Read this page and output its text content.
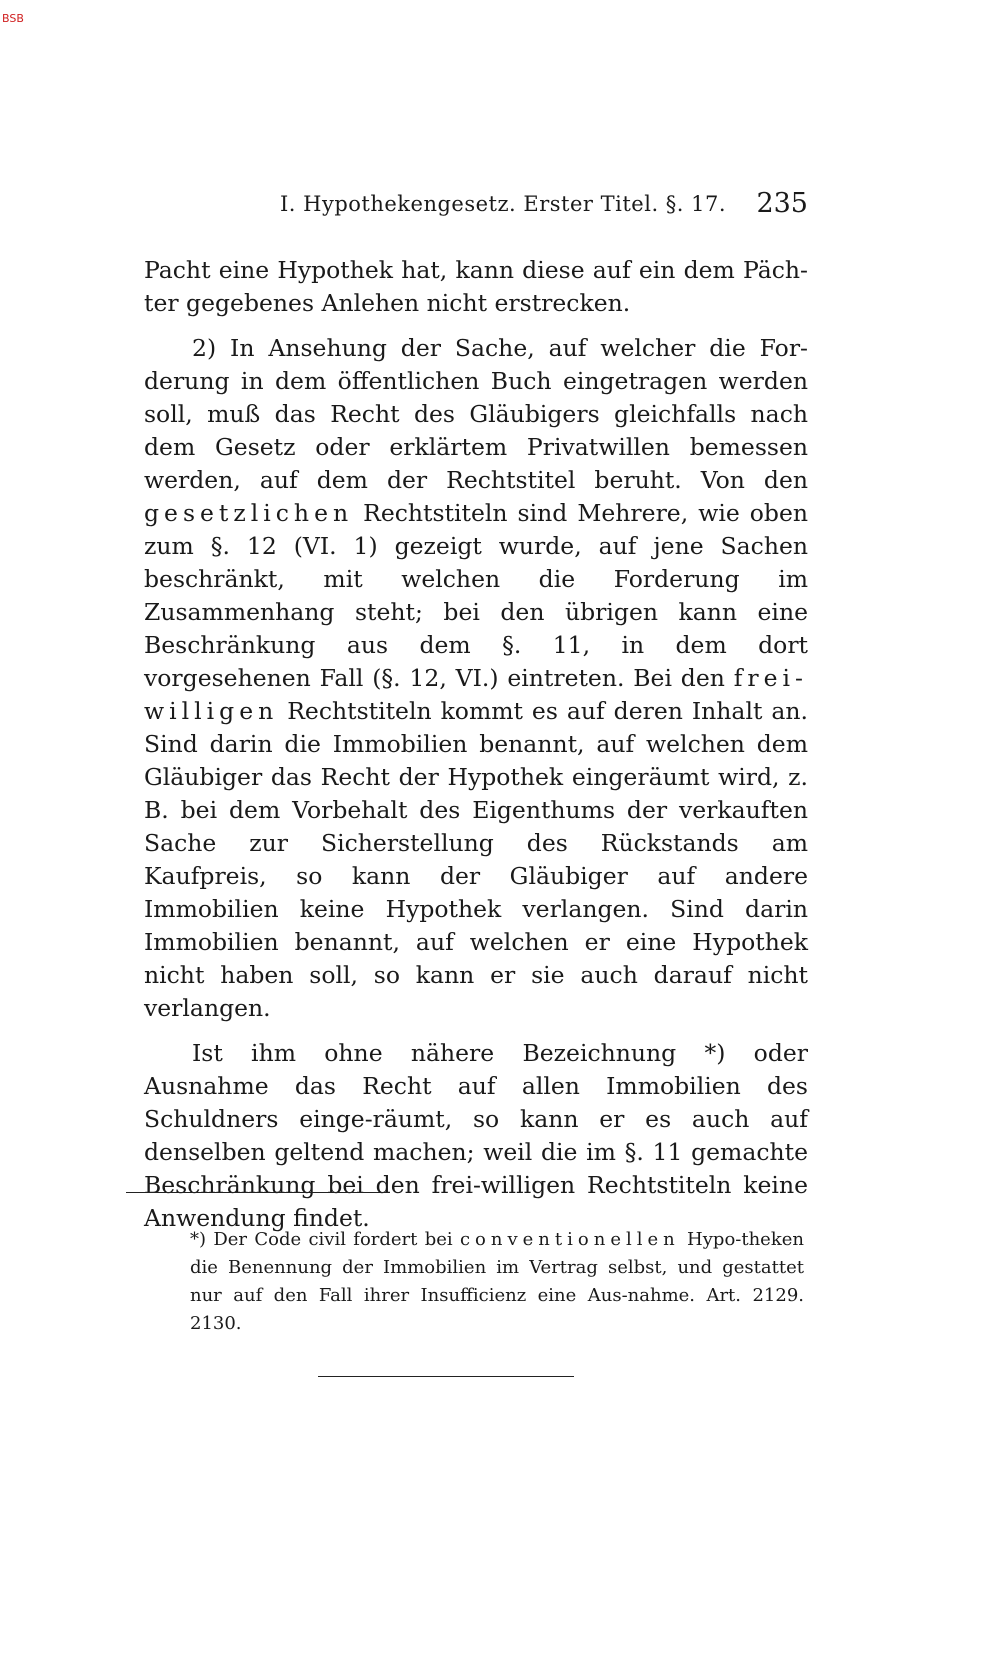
BSB
I. Hypothekengesetz. Erster Titel. §. 17. 235

Pacht eine Hypothek hat, kann diese auf ein dem Päch-ter gegebenes Anlehen nicht erstrecken.

2) In Ansehung der Sache, auf welcher die For-derung in dem öffentlichen Buch eingetragen werden soll, muß das Recht des Gläubigers gleichfalls nach dem Gesetz oder erklärtem Privatwillen bemessen werden, auf dem der Rechtstitel beruht. Von den gesetzlichen Rechtstiteln sind Mehrere, wie oben zum §. 12 (VI. 1) gezeigt wurde, auf jene Sachen beschränkt, mit welchen die Forderung im Zusammenhang steht; bei den übrigen kann eine Beschränkung aus dem §. 11, in dem dort vorgesehenen Fall (§. 12, VI.) eintreten. Bei den frei-willigen Rechtstiteln kommt es auf deren Inhalt an. Sind darin die Immobilien benannt, auf welchen dem Gläubiger das Recht der Hypothek eingeräumt wird, z. B. bei dem Vorbehalt des Eigenthums der verkauften Sache zur Sicherstellung des Rückstands am Kaufpreis, so kann der Gläubiger auf andere Immobilien keine Hypothek verlangen. Sind darin Immobilien benannt, auf welchen er eine Hypothek nicht haben soll, so kann er sie auch darauf nicht verlangen.

Ist ihm ohne nähere Bezeichnung *) oder Ausnahme das Recht auf allen Immobilien des Schuldners einge-räumt, so kann er es auch auf denselben geltend machen; weil die im §. 11 gemachte Beschränkung bei den frei-willigen Rechtstiteln keine Anwendung findet.

*) Der Code civil fordert bei conventionellen Hypo-theken die Benennung der Immobilien im Vertrag selbst, und gestattet nur auf den Fall ihrer Insufficienz eine Aus-nahme. Art. 2129. 2130.
